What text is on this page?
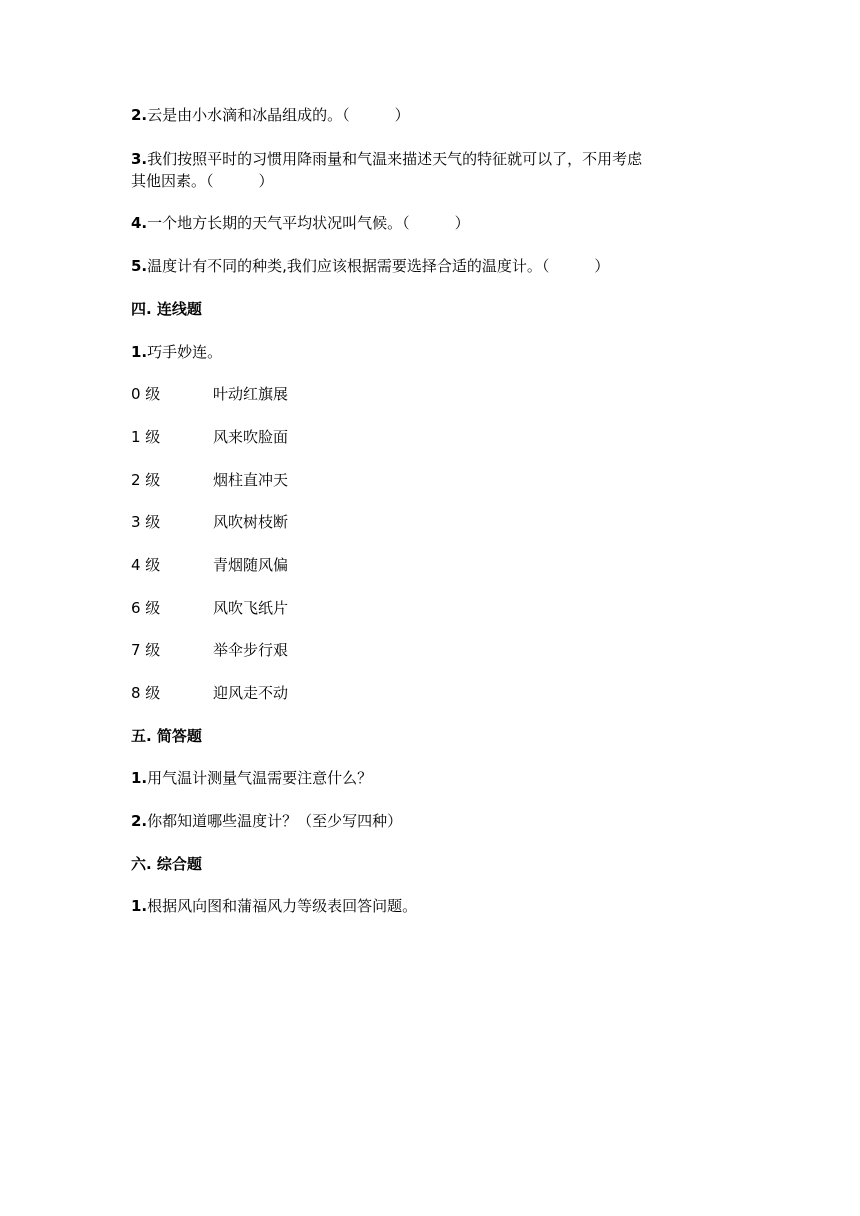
2.云是由小水滴和冰晶组成的。（　　　）
3.我们按照平时的习惯用降雨量和气温来描述天气的特征就可以了，不用考虑
其他因素。（　　　）
4.一个地方长期的天气平均状况叫气候。（　　　）
5.温度计有不同的种类,我们应该根据需要选择合适的温度计。（　　　）
四. 连线题
1.巧手妙连。
0 级	叶动红旗展
1 级	风来吹脸面
2 级	烟柱直冲天
3 级	风吹树枝断
4 级	青烟随风偏
6 级	风吹飞纸片
7 级	举伞步行艰
8 级	迎风走不动
五. 简答题
1.用气温计测量气温需要注意什么？
2.你都知道哪些温度计？（至少写四种）
六. 综合题
1.根据风向图和蒲福风力等级表回答问题。
